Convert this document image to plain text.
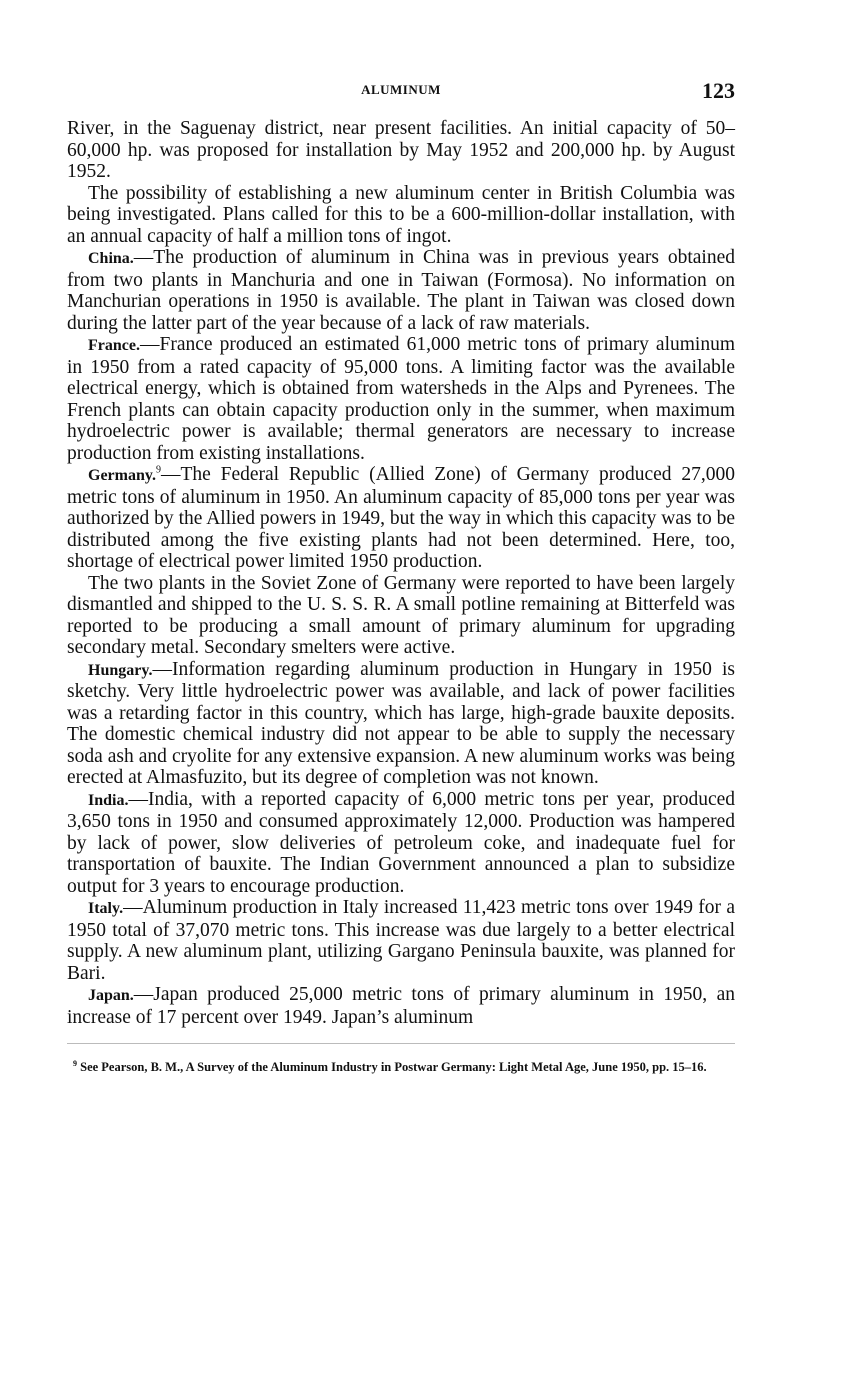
ALUMINUM	123

River, in the Saguenay district, near present facilities. An initial capacity of 50–60,000 hp. was proposed for installation by May 1952 and 200,000 hp. by August 1952.

The possibility of establishing a new aluminum center in British Columbia was being investigated. Plans called for this to be a 600-million-dollar installation, with an annual capacity of half a million tons of ingot.

China.—The production of aluminum in China was in previous years obtained from two plants in Manchuria and one in Taiwan (Formosa). No information on Manchurian operations in 1950 is available. The plant in Taiwan was closed down during the latter part of the year because of a lack of raw materials.

France.—France produced an estimated 61,000 metric tons of primary aluminum in 1950 from a rated capacity of 95,000 tons. A limiting factor was the available electrical energy, which is obtained from watersheds in the Alps and Pyrenees. The French plants can obtain capacity production only in the summer, when maximum hydroelectric power is available; thermal generators are necessary to increase production from existing installations.

Germany.$^9$—The Federal Republic (Allied Zone) of Germany produced 27,000 metric tons of aluminum in 1950. An aluminum capacity of 85,000 tons per year was authorized by the Allied powers in 1949, but the way in which this capacity was to be distributed among the five existing plants had not been determined. Here, too, shortage of electrical power limited 1950 production.

The two plants in the Soviet Zone of Germany were reported to have been largely dismantled and shipped to the U. S. S. R. A small potline remaining at Bitterfeld was reported to be producing a small amount of primary aluminum for upgrading secondary metal. Secondary smelters were active.

Hungary.—Information regarding aluminum production in Hungary in 1950 is sketchy. Very little hydroelectric power was available, and lack of power facilities was a retarding factor in this country, which has large, high-grade bauxite deposits. The domestic chemical industry did not appear to be able to supply the necessary soda ash and cryolite for any extensive expansion. A new aluminum works was being erected at Almasfuzito, but its degree of completion was not known.

India.—India, with a reported capacity of 6,000 metric tons per year, produced 3,650 tons in 1950 and consumed approximately 12,000. Production was hampered by lack of power, slow deliveries of petroleum coke, and inadequate fuel for transportation of bauxite. The Indian Government announced a plan to subsidize output for 3 years to encourage production.

Italy.—Aluminum production in Italy increased 11,423 metric tons over 1949 for a 1950 total of 37,070 metric tons. This increase was due largely to a better electrical supply. A new aluminum plant, utilizing Gargano Peninsula bauxite, was planned for Bari.

Japan.—Japan produced 25,000 metric tons of primary aluminum in 1950, an increase of 17 percent over 1949. Japan’s aluminum

$^9$ See Pearson, B. M., A Survey of the Aluminum Industry in Postwar Germany: Light Metal Age, June 1950, pp. 15–16.
